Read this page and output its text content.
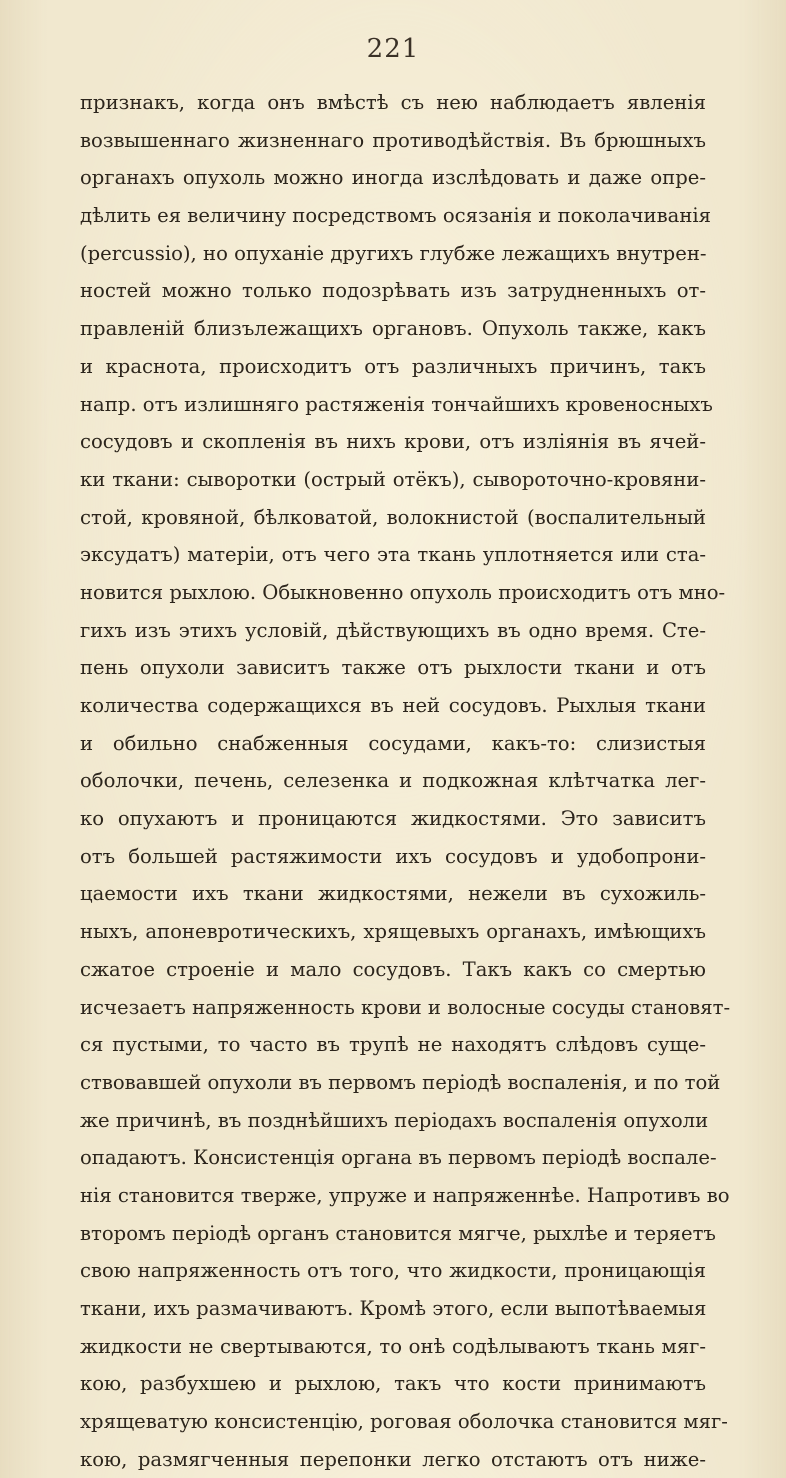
221
признакъ, когда онъ вмѣстѣ съ нею наблюдаетъ явленія
возвышеннаго жизненнаго противодѣйствія. Въ брюшныхъ
органахъ опухоль можно иногда изслѣдовать и даже опре-
дѣлить ея величину посредствомъ осязанія и поколачиванія
(percussio), но опуханіе другихъ глубже лежащихъ внутрен-
ностей можно только подозрѣвать изъ затрудненныхъ от-
правленій близълежащихъ органовъ. Опухоль также, какъ
и краснота, происходитъ отъ различныхъ причинъ, такъ
напр. отъ излишняго растяженія тончайшихъ кровеносныхъ
сосудовъ и скопленія въ нихъ крови, отъ изліянія въ ячей-
ки ткани: сыворотки (острый отёкъ), сывороточно-кровяни-
стой, кровяной, бѣлковатой, волокнистой (воспалительный
эксудатъ) матеріи, отъ чего эта ткань уплотняется или ста-
новится рыхлою. Обыкновенно опухоль происходитъ отъ мно-
гихъ изъ этихъ условій, дѣйствующихъ въ одно время. Сте-
пень опухоли зависитъ также отъ рыхлости ткани и отъ
количества содержащихся въ ней сосудовъ. Рыхлыя ткани
и обильно снабженныя сосудами, какъ-то: слизистыя
оболочки, печень, селезенка и подкожная клѣтчатка лег-
ко опухаютъ и проницаются жидкостями. Это зависитъ
отъ большей растяжимости ихъ сосудовъ и удобопрони-
цаемости ихъ ткани жидкостями, нежели въ сухожиль-
ныхъ, апоневротическихъ, хрящевыхъ органахъ, имѣющихъ
сжатое строеніе и мало сосудовъ. Такъ какъ со смертью
исчезаетъ напряженность крови и волосные сосуды становят-
ся пустыми, то часто въ трупѣ не находятъ слѣдовъ суще-
ствовавшей опухоли въ первомъ періодѣ воспаленія, и по той
же причинѣ, въ позднѣйшихъ періодахъ воспаленія опухоли
опадаютъ. Консистенція органа въ первомъ періодѣ воспале-
нія становится тверже, упруже и напряженнѣе. Напротивъ во
второмъ періодѣ органъ становится мягче, рыхлѣе и теряетъ
свою напряженность отъ того, что жидкости, проницающія
ткани, ихъ размачиваютъ. Кромѣ этого, если выпотѣваемыя
жидкости не свертываются, то онѣ содѣлываютъ ткань мяг-
кою, разбухшею и рыхлою, такъ что кости принимаютъ
хрящеватую консистенцію, роговая оболочка становится мяг-
кою, размягченныя перепонки легко отстаютъ отъ ниже-
